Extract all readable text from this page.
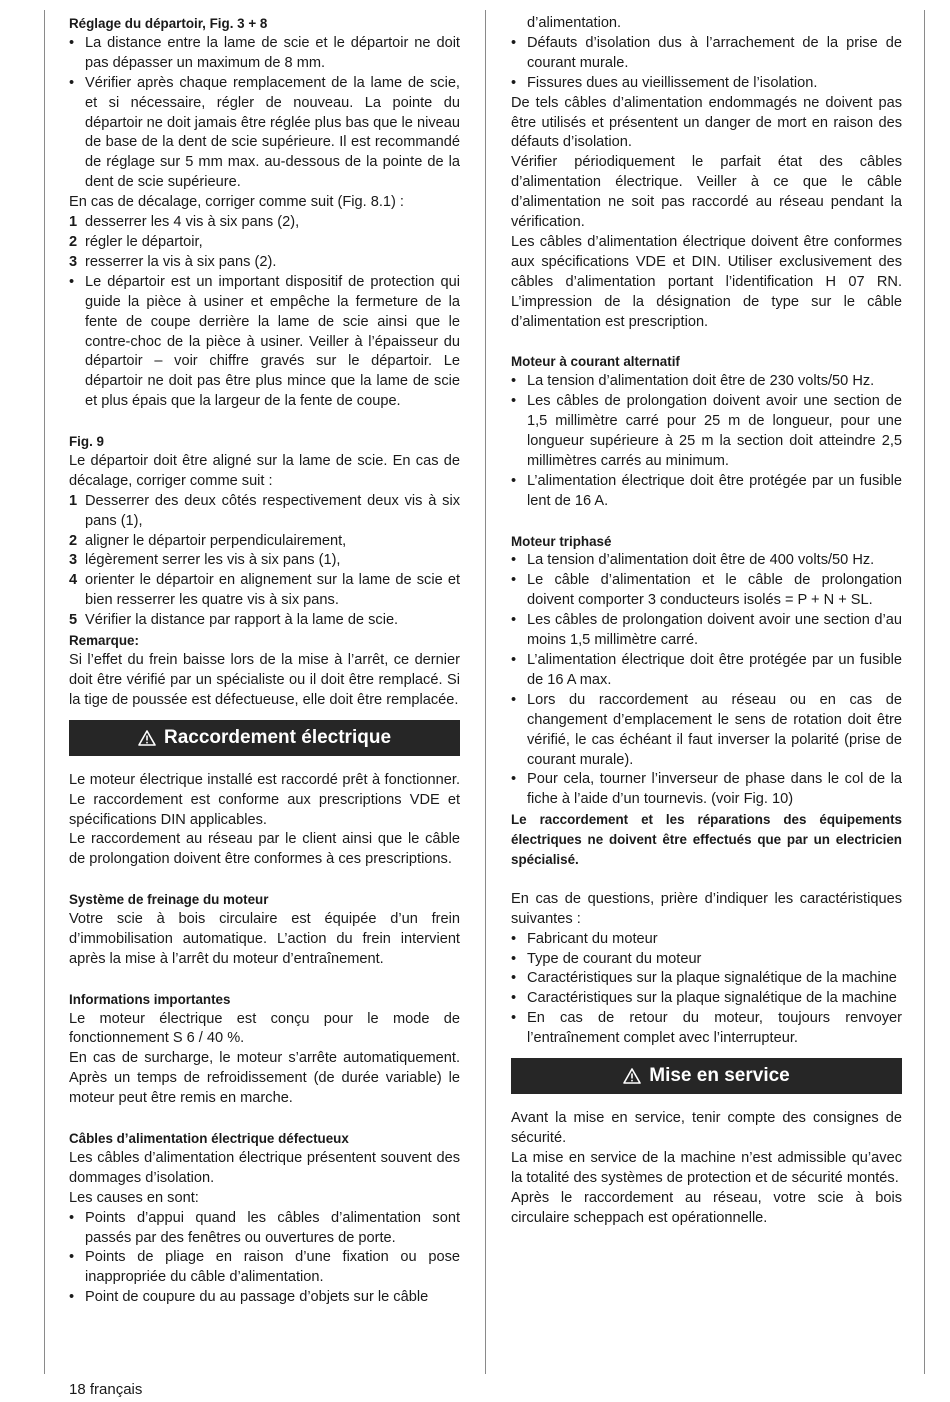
Réglage du départoir, Fig. 3 + 8

• La distance entre la lame de scie et le départoir ne doit pas dépasser un maximum de 8 mm.
• Vérifier après chaque remplacement de la lame de scie, et si nécessaire, régler de nouveau. La pointe du départoir ne doit jamais être réglée plus bas que le niveau de base de la dent de scie supérieure. Il est recommandé de réglage sur 5 mm max. au-dessous de la pointe de la dent de scie supérieure.

En cas de décalage, corriger comme suit (Fig. 8.1) :

1 desserrer les 4 vis à six pans (2),
2 régler le départoir,
3 resserrer la vis à six pans (2).
• Le départoir est un important dispositif de protection qui guide la pièce à usiner et empêche la fermeture de la fente de coupe derrière la lame de scie ainsi que le contre-choc de la pièce à usiner. Veiller à l’épaisseur du départoir – voir chiffre gravés sur le départoir. Le départoir ne doit pas être plus mince que la lame de scie et plus épais que la largeur de la fente de coupe.

Fig. 9

Le départoir doit être aligné sur la lame de scie. En cas de décalage, corriger comme suit :

1 Desserrer des deux côtés respectivement deux vis à six pans (1),
2 aligner le départoir perpendiculairement,
3 légèrement serrer les vis à six pans (1),
4 orienter le départoir en alignement sur la lame de scie et bien resserrer les quatre vis à six pans.
5 Vérifier la distance par rapport à la lame de scie.

Remarque:

Si l’effet du frein baisse lors de la mise à l’arrêt, ce dernier doit être vérifié par un spécialiste ou il doit être remplacé. Si la tige de poussée est défectueuse, elle doit être remplacée.

Raccordement électrique

Le moteur électrique installé est raccordé prêt à fonctionner. Le raccordement est conforme aux prescriptions VDE et spécifications DIN applicables.

Le raccordement au réseau par le client ainsi que le câble de prolongation doivent être conformes à ces prescriptions.

Système de freinage du moteur

Votre scie à bois circulaire est équipée d’un frein d’immobilisation automatique. L’action du frein intervient après la mise à l’arrêt du moteur d’entraînement.

Informations importantes

Le moteur électrique est conçu pour le mode de fonctionnement S 6 / 40 %.

En cas de surcharge, le moteur s’arrête automatiquement. Après un temps de refroidissement (de durée variable) le moteur peut être remis en marche.

Câbles d’alimentation électrique défectueux

Les câbles d’alimentation électrique présentent souvent des dommages d’isolation.

Les causes en sont:

• Points d’appui quand les câbles d’alimentation sont passés par des fenêtres ou ouvertures de porte.
• Points de pliage en raison d’une fixation ou pose inappropriée du câble d’alimentation.
• Point de coupure du au passage d’objets sur le câble

d’alimentation.

• Défauts d’isolation dus à l’arrachement de la prise de courant murale.
• Fissures dues au vieillissement de l’isolation.

De tels câbles d’alimentation endommagés ne doivent pas être utilisés et présentent un danger de mort en raison des défauts d’isolation.

Vérifier périodiquement le parfait état des câbles d’alimentation électrique. Veiller à ce que le câble d’alimentation ne soit pas raccordé au réseau pendant la vérification.

Les câbles d’alimentation électrique doivent être conformes aux spécifications VDE et DIN. Utiliser exclusivement des câbles d’alimentation portant l’identification H 07 RN. L’impression de la désignation de type sur le câble d’alimentation est prescription.

Moteur à courant alternatif

• La tension d’alimentation doit être de 230 volts/50 Hz.
• Les câbles de prolongation doivent avoir une section de 1,5 millimètre carré pour 25 m de longueur, pour une longueur supérieure à 25 m la section doit atteindre 2,5 millimètres carrés au minimum.
• L’alimentation électrique doit être protégée par un fusible lent de 16 A.

Moteur triphasé

• La tension d’alimentation doit être de 400 volts/50 Hz.
• Le câble d’alimentation et le câble de prolongation doivent comporter 3 conducteurs isolés = P + N + SL.
• Les câbles de prolongation doivent avoir une section d’au moins 1,5 millimètre carré.
• L’alimentation électrique doit être protégée par un fusible de 16 A max.
• Lors du raccordement au réseau ou en cas de changement d’emplacement le sens de rotation doit être vérifié, le cas échéant il faut inverser la polarité (prise de courant murale).
• Pour cela, tourner l’inverseur de phase dans le col de la fiche à l’aide d’un tournevis. (voir Fig. 10)

Le raccordement et les réparations des équipements électriques ne doivent être effectués que par un electricien spécialisé.

En cas de questions, prière d’indiquer les caractéristiques suivantes :

• Fabricant du moteur
• Type de courant du moteur
• Caractéristiques sur la plaque signalétique de la machine
• Caractéristiques sur la plaque signalétique de la machine
• En cas de retour du moteur, toujours renvoyer l’entraînement complet avec l’interrupteur.
Mise en service

Avant la mise en service, tenir compte des consignes de sécurité.

La mise en service de la machine n’est admissible qu’avec la totalité des systèmes de protection et de sécurité montés.

Après le raccordement au réseau, votre scie à bois circulaire scheppach est opérationnelle.

18 français
